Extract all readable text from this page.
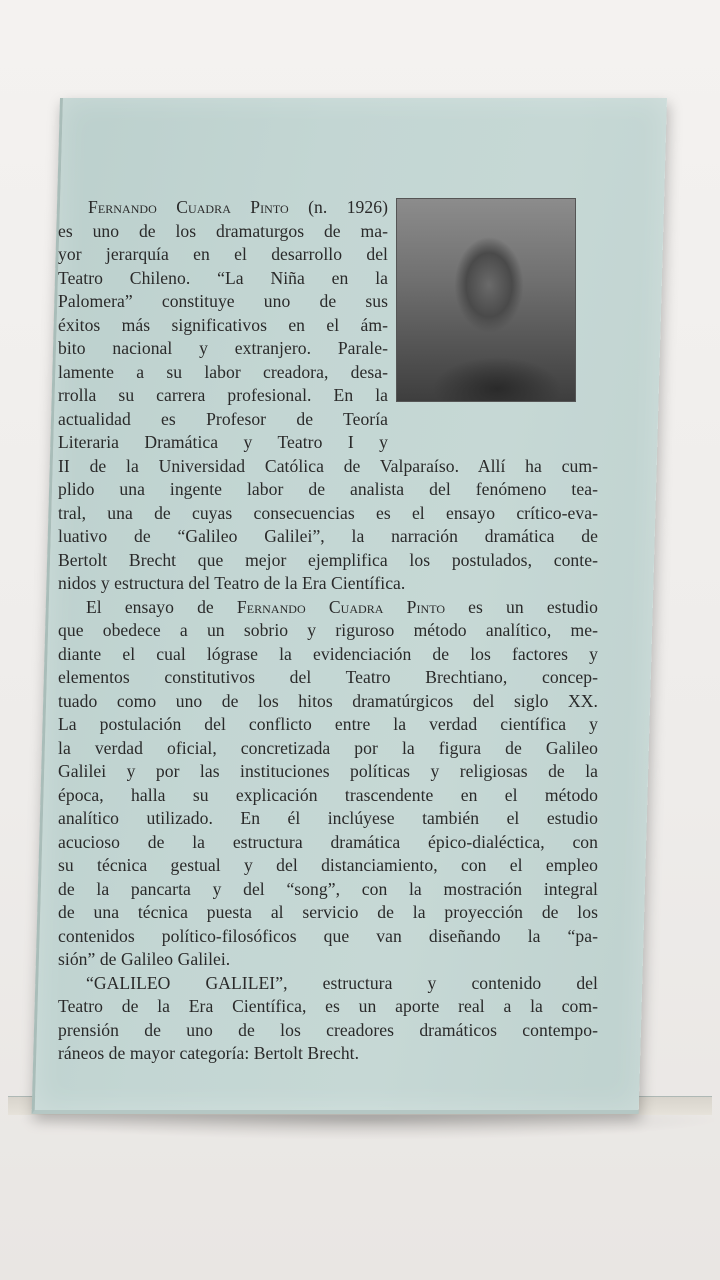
Fernando Cuadra Pinto (n. 1926)
es uno de los dramaturgos de ma-
yor jerarquía en el desarrollo del
Teatro Chileno. “La Niña en la
Palomera” constituye uno de sus
éxitos más significativos en el ám-
bito nacional y extranjero. Parale-
lamente a su labor creadora, desa-
rrolla su carrera profesional. En la
actualidad es Profesor de Teoría
Literaria Dramática y Teatro I y
II de la Universidad Católica de Valparaíso. Allí ha cum-
plido una ingente labor de analista del fenómeno tea-
tral, una de cuyas consecuencias es el ensayo crítico-eva-
luativo de “Galileo Galilei”, la narración dramática de
Bertolt Brecht que mejor ejemplifica los postulados, conte-
nidos y estructura del Teatro de la Era Científica.
El ensayo de Fernando Cuadra Pinto es un estudio
que obedece a un sobrio y riguroso método analítico, me-
diante el cual lógrase la evidenciación de los factores y
elementos constitutivos del Teatro Brechtiano, concep-
tuado como uno de los hitos dramatúrgicos del siglo XX.
La postulación del conflicto entre la verdad científica y
la verdad oficial, concretizada por la figura de Galileo
Galilei y por las instituciones políticas y religiosas de la
época, halla su explicación trascendente en el método
analítico utilizado. En él inclúyese también el estudio
acucioso de la estructura dramática épico-dialéctica, con
su técnica gestual y del distanciamiento, con el empleo
de la pancarta y del “song”, con la mostración integral
de una técnica puesta al servicio de la proyección de los
contenidos político-filosóficos que van diseñando la “pa-
sión” de Galileo Galilei.
“GALILEO GALILEI”, estructura y contenido del
Teatro de la Era Científica, es un aporte real a la com-
prensión de uno de los creadores dramáticos contempo-
ráneos de mayor categoría: Bertolt Brecht.
